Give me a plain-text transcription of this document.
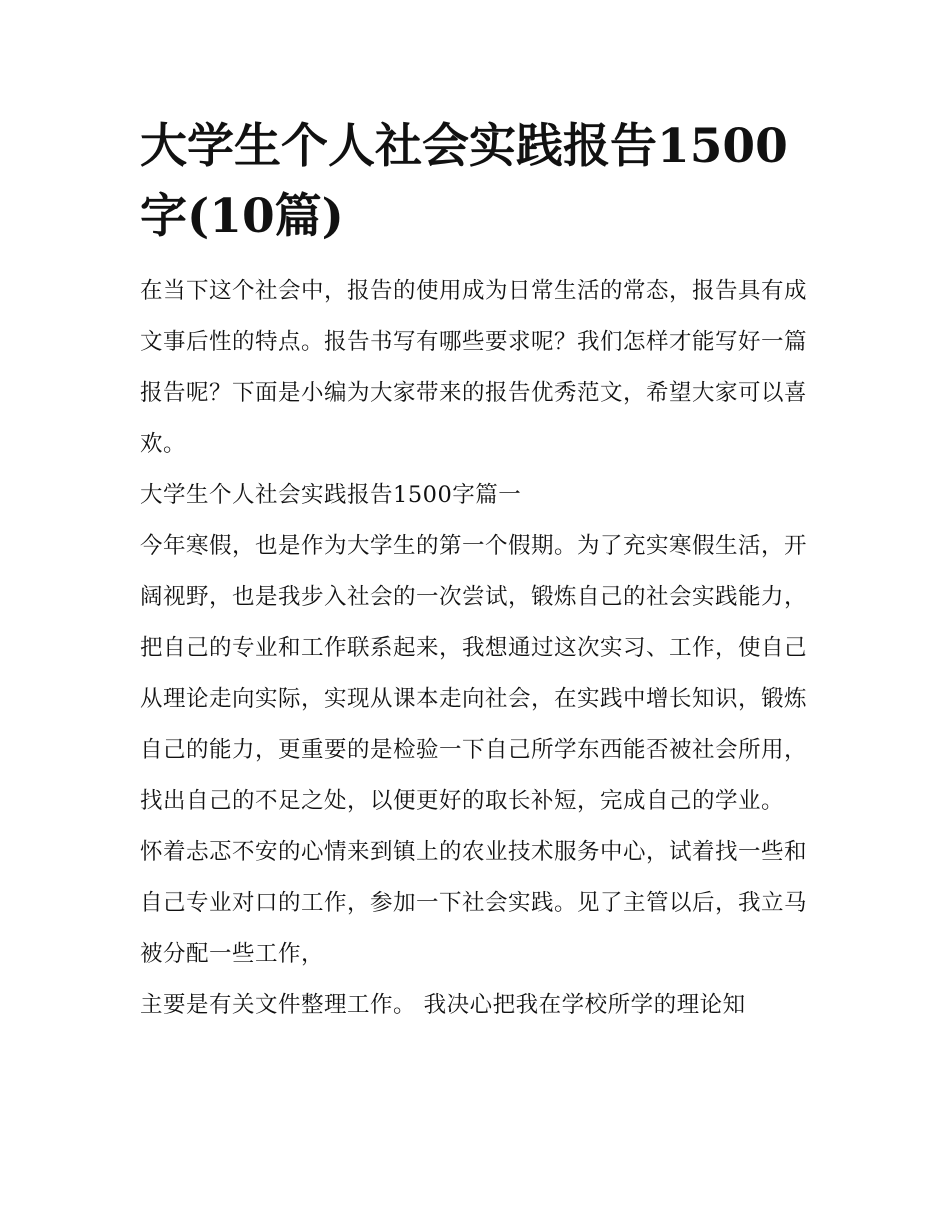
大学生个人社会实践报告1500字(10篇)

在当下这个社会中，报告的使用成为日常生活的常态，报告具有成文事后性的特点。报告书写有哪些要求呢？我们怎样才能写好一篇报告呢？下面是小编为大家带来的报告优秀范文，希望大家可以喜欢。

大学生个人社会实践报告1500字篇一

今年寒假，也是作为大学生的第一个假期。为了充实寒假生活，开阔视野，也是我步入社会的一次尝试，锻炼自己的社会实践能力，把自己的专业和工作联系起来，我想通过这次实习、工作，使自己从理论走向实际，实现从课本走向社会，在实践中增长知识，锻炼自己的能力，更重要的是检验一下自己所学东西能否被社会所用，找出自己的不足之处，以便更好的取长补短，完成自己的学业。

怀着忐忑不安的心情来到镇上的农业技术服务中心，试着找一些和自己专业对口的工作，参加一下社会实践。见了主管以后，我立马被分配一些工作，

主要是有关文件整理工作。 我决心把我在学校所学的理论知
